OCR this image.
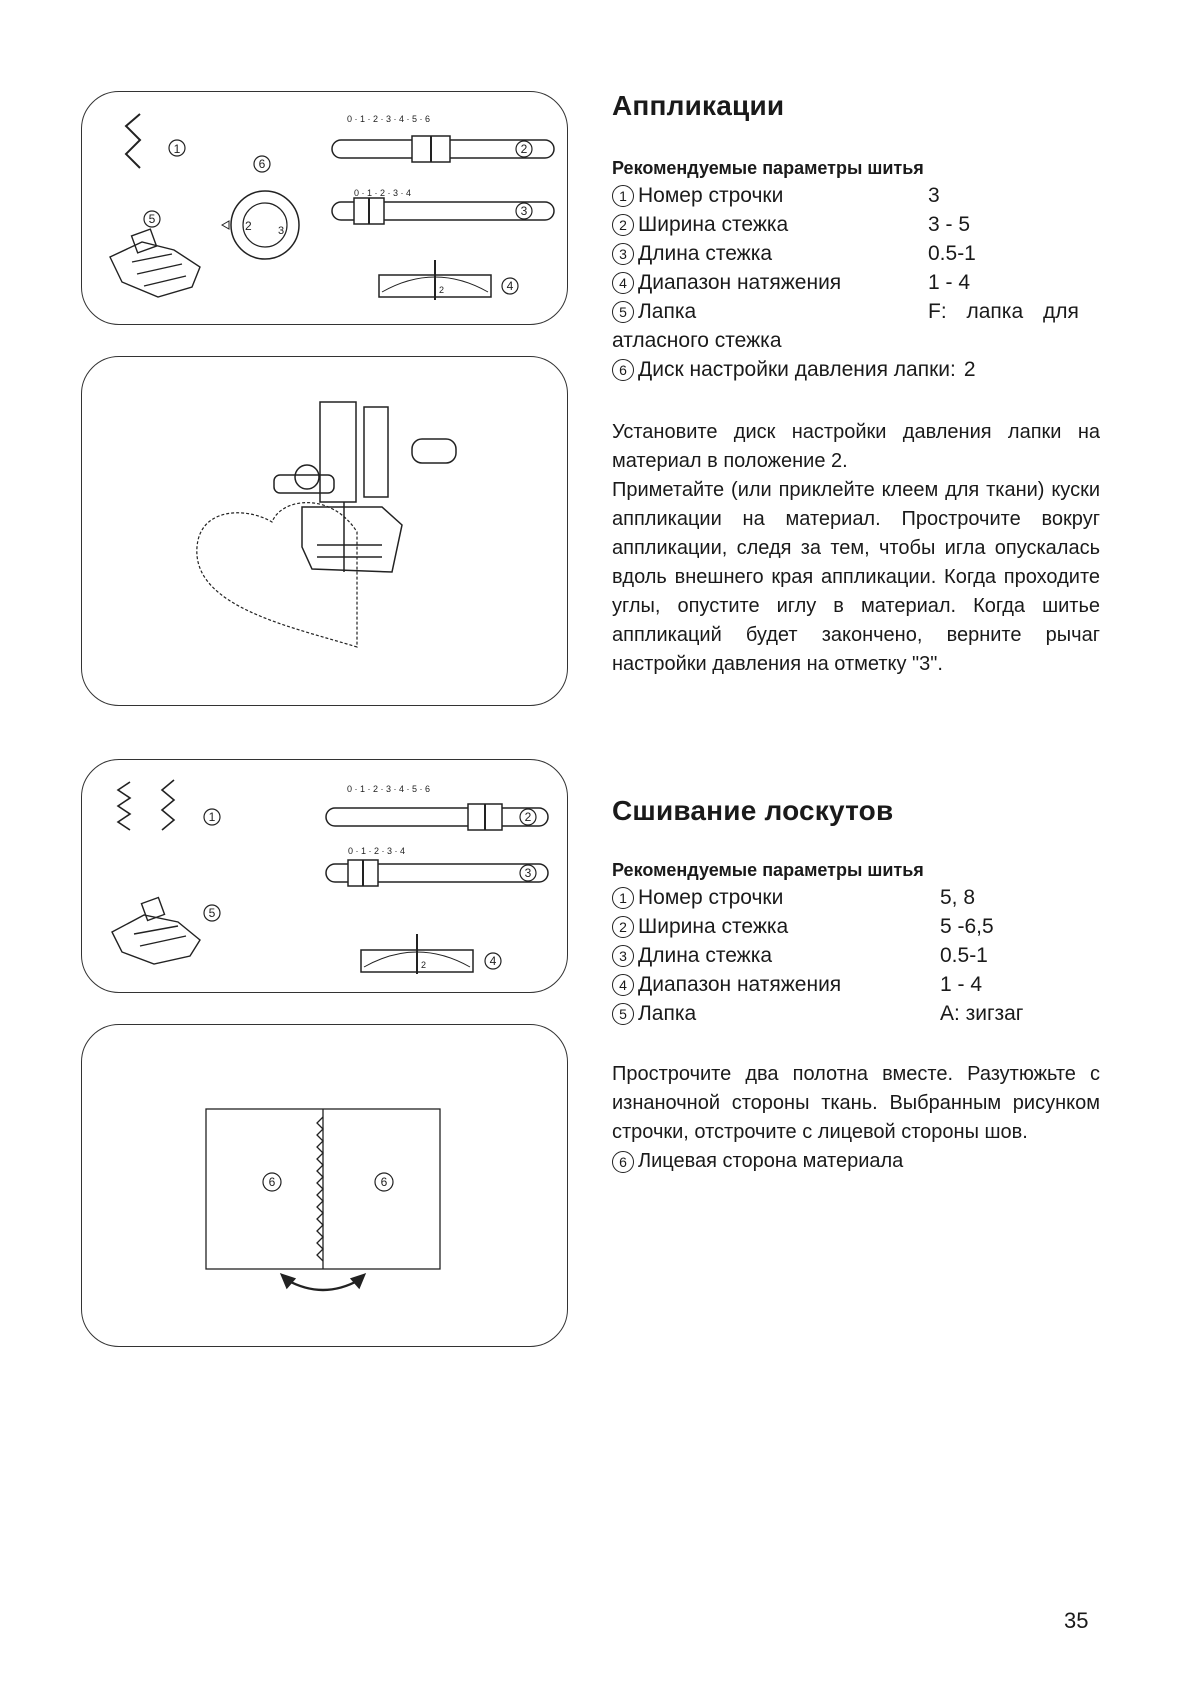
1
0 · 1 · 2 · 3 · 4 · 5 · 6
2
6
0 · 1 · 2 · 3 · 4
3
2 3
5
2	4
1
0 · 1 · 2 · 3 · 4 · 5 · 6
2
0 · 1 · 2 · 3 · 4
3
5
2	4
6	6
Аппликации
Рекомендуемые параметры шитья
1 Номер строчки	3
2 Ширина стежка	3 - 5
3 Длина стежка	0.5-1
4 Диапазон натяжения	1 - 4
5 Лапка	F: лапка для
атласного стежка
6 Диск настройки давления лапки: 2

Установите диск настройки давления лапки на материал в положение 2.

Приметайте (или приклейте клеем для ткани) куски аппликации на материал. Прострочите вокруг аппликации, следя за тем, чтобы игла опускалась вдоль внешнего края аппликации. Когда проходите углы, опустите иглу в материал. Когда шитье аппликаций будет закончено, верните рычаг настройки давления на отметку "3".

Сшивание лоскутов
Рекомендуемые параметры шитья
1 Номер строчки	5, 8
2 Ширина стежка	5 -6,5
3 Длина стежка	0.5-1
4 Диапазон натяжения	1 - 4
5 Лапка	А: зигзаг

Прострочите два полотна вместе. Разутюжьте с изнаночной стороны ткань. Выбранным рисунком строчки, отстрочите с лицевой стороны шов.

6 Лицевая сторона материала
35
